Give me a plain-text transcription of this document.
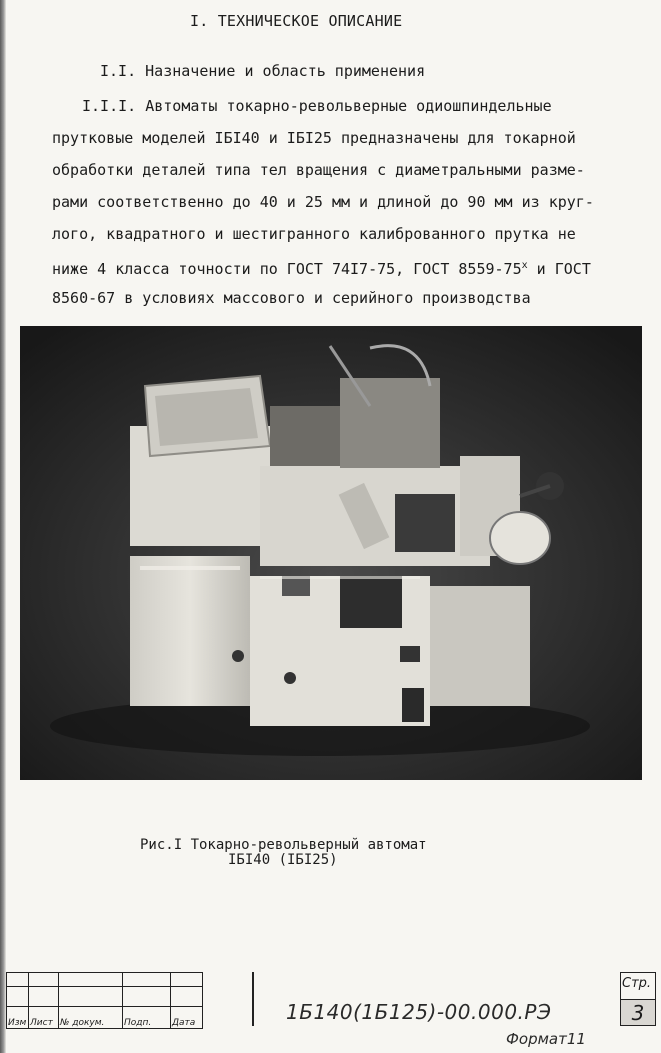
I. ТЕХНИЧЕСКОЕ ОПИСАНИЕ
I.I. Назначение и область применения
I.I.I. Автоматы токарно-револьверные одиошпиндельные
прутковые моделей IБI40 и IБI25 предназначены для токарной
обработки деталей типа тел вращения с диаметральными разме-
рами соответственно до 40 и 25 мм и длиной до 90 мм из круг-
лого, квадратного и шестигранного калиброванного прутка не
ниже 4 класса точности по ГОСТ 74I7-75, ГОСТ 8559-75$^x$ и ГОСТ
8560-67 в условиях массового и серийного производства
Рис.I Токарно-револьверный автомат
IБI40 (IБI25)

Изм	Лист	№ докум.	Подп.	Дата	1Б140(1Б125)-00.000.РЭ
Стр.
3
Формат11
